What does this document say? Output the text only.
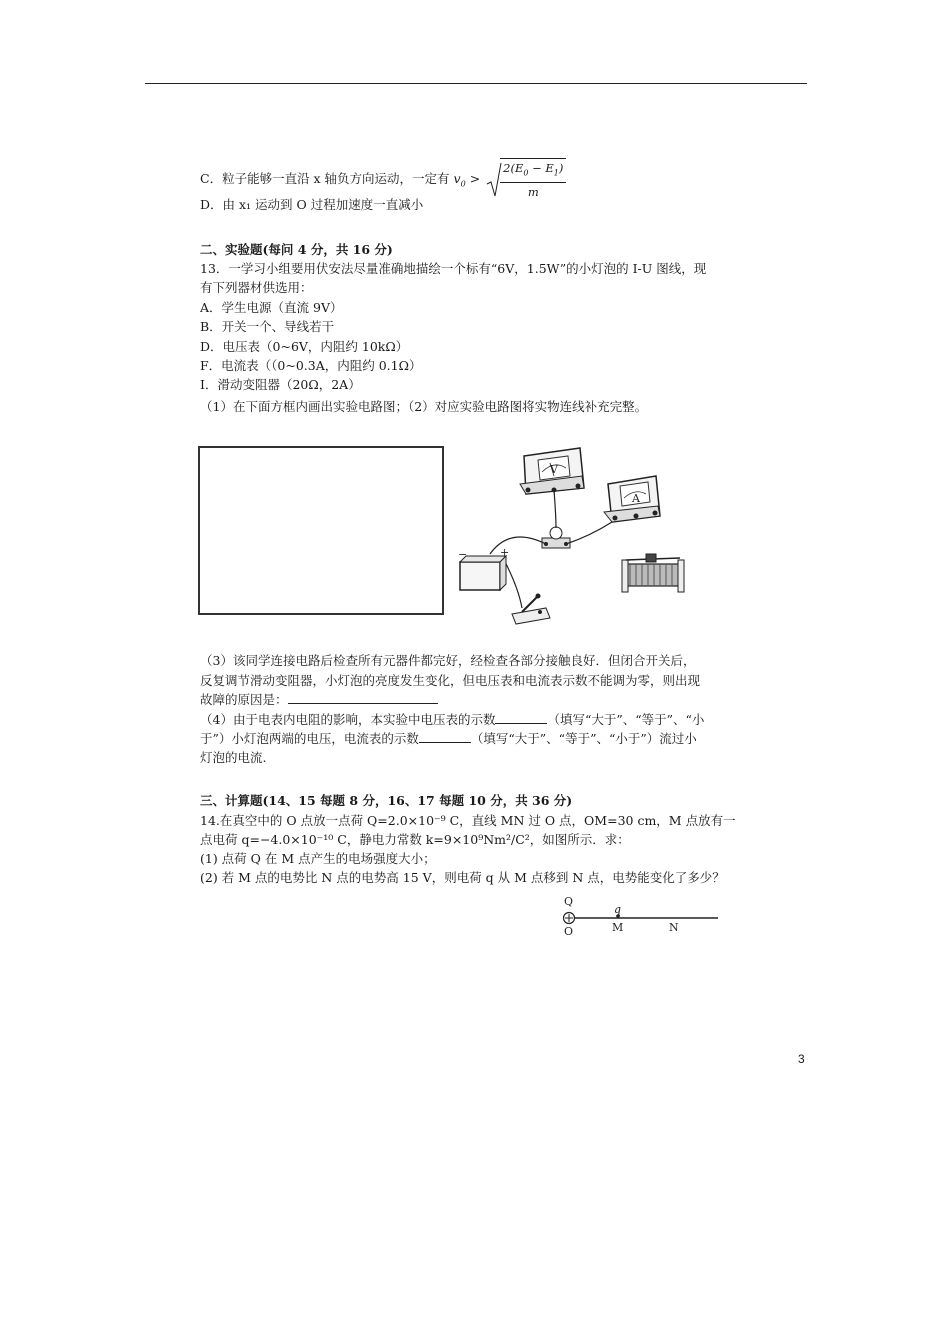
C．粒子能够一直沿 x 轴负方向运动，一定有 $v_0 > \frac{2(E_0 - E_1)}{m}$
D．由 x₁ 运动到 O 过程加速度一直减小
二、实验题(每问 4 分，共 16 分)
13．一学习小组要用伏安法尽量准确地描绘一个标有“6V，1.5W”的小灯泡的 I-U 图线，现
有下列器材供选用：
A．学生电源（直流 9V）
B．开关一个、导线若干
D．电压表（0~6V，内阻约 10kΩ）
F．电流表（（0~0.3A，内阻约 0.1Ω）
I．滑动变阻器（20Ω，2A）
（1）在下面方框内画出实验电路图；（2）对应实验电路图将实物连线补充完整。
V
A
−	+
（3）该同学连接电路后检查所有元器件都完好，经检查各部分接触良好．但闭合开关后，
反复调节滑动变阻器，小灯泡的亮度发生变化，但电压表和电流表示数不能调为零，则出现
故障的原因是：
（4）由于电表内电阻的影响，本实验中电压表的示数	（填写“大于”、“等于”、“小
于”）小灯泡两端的电压，电流表的示数	（填写“大于”、“等于”、“小于”）流过小
灯泡的电流.
三、计算题(14、15 每题 8 分，16、17 每题 10 分，共 36 分)
14.在真空中的 O 点放一点荷 Q=2.0×10⁻⁹ C，直线 MN 过 O 点，OM=30 cm，M 点放有一
点电荷 q=−4.0×10⁻¹⁰ C，静电力常数 k=9×10⁹Nm²/C²，如图所示．求：
(1) 点荷 Q 在 M 点产生的电场强度大小；
(2) 若 M 点的电势比 N 点的电势高 15 V，则电荷 q 从 M 点移到 N 点，电势能变化了多少？
Q
O
q
M	N
3
